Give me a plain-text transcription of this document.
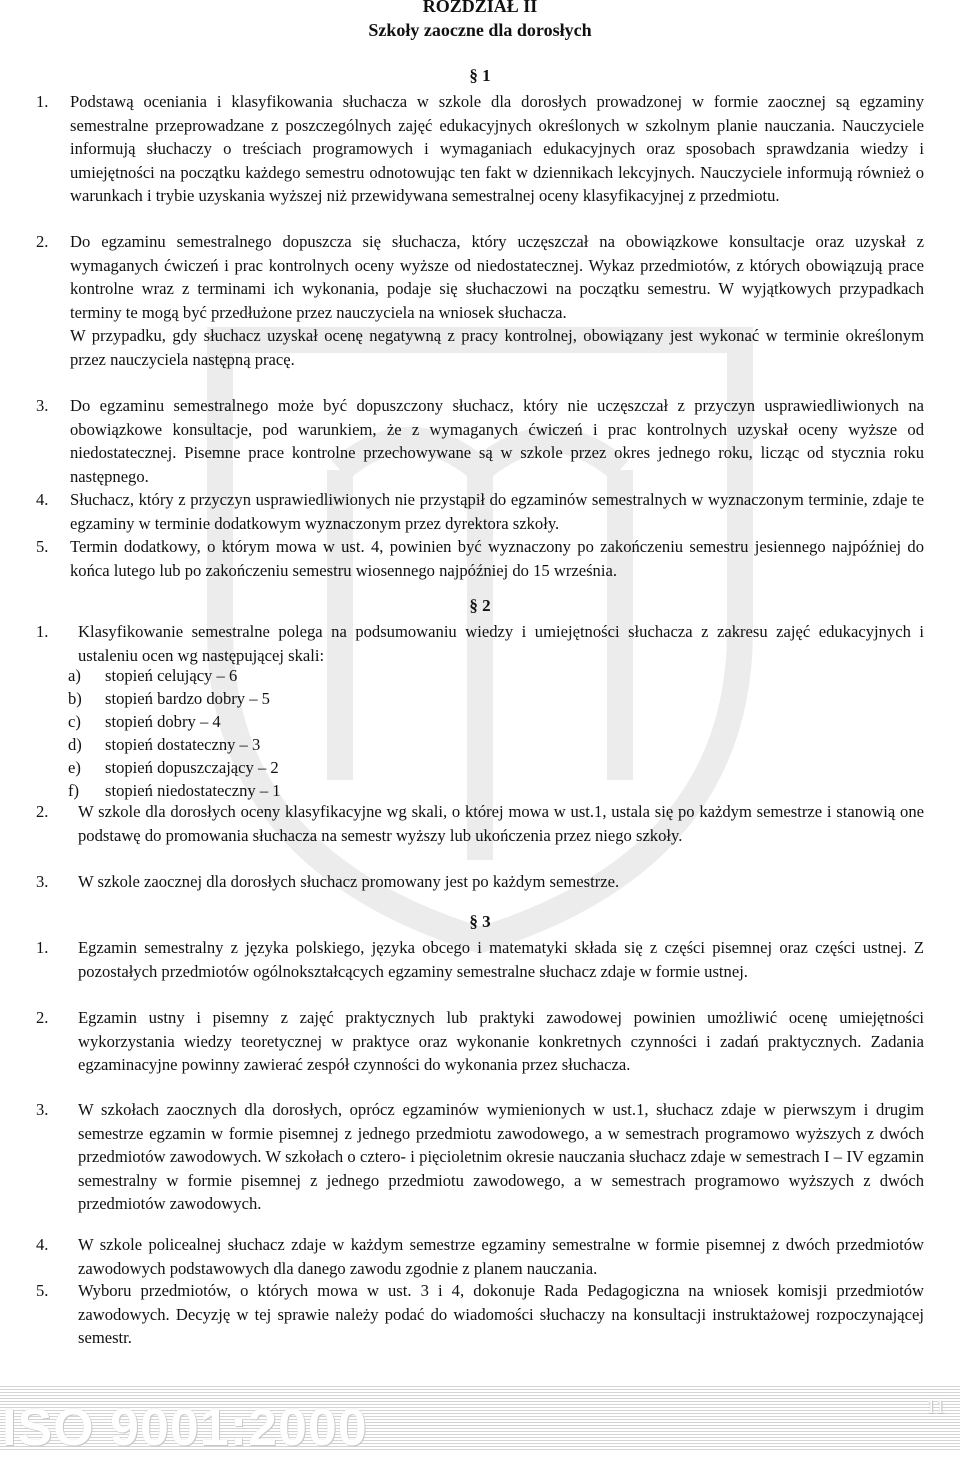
ROZDZIAŁ II
Szkoły zaoczne dla dorosłych
§ 1
1. Podstawą oceniania i klasyfikowania słuchacza w szkole dla dorosłych prowadzonej w formie zaocznej są egzaminy semestralne przeprowadzane z poszczególnych zajęć edukacyjnych określonych w szkolnym planie nauczania. Nauczyciele informują słuchaczy o treściach programowych i wymaganiach edukacyjnych oraz sposobach sprawdzania wiedzy i umiejętności na początku każdego semestru odnotowując ten fakt w dziennikach lekcyjnych. Nauczyciele informują również o warunkach i trybie uzyskania wyższej niż przewidywana semestralnej oceny klasyfikacyjnej z przedmiotu.
2. Do egzaminu semestralnego dopuszcza się słuchacza, który uczęszczał na obowiązkowe konsultacje oraz uzyskał z wymaganych ćwiczeń i prac kontrolnych oceny wyższe od niedostatecznej. Wykaz przedmiotów, z których obowiązują prace kontrolne wraz z terminami ich wykonania, podaje się słuchaczowi na początku semestru. W wyjątkowych przypadkach terminy te mogą być przedłużone przez nauczyciela na wniosek słuchacza.
W przypadku, gdy słuchacz uzyskał ocenę negatywną z pracy kontrolnej, obowiązany jest wykonać w terminie określonym przez nauczyciela następną pracę.
3. Do egzaminu semestralnego może być dopuszczony słuchacz, który nie uczęszczał z przyczyn usprawiedliwionych na obowiązkowe konsultacje, pod warunkiem, że z wymaganych ćwiczeń i prac kontrolnych uzyskał oceny wyższe od niedostatecznej. Pisemne prace kontrolne przechowywane są w szkole przez okres jednego roku, licząc od stycznia roku następnego.
4. Słuchacz, który z przyczyn usprawiedliwionych nie przystąpił do egzaminów semestralnych w wyznaczonym terminie, zdaje te egzaminy w terminie dodatkowym wyznaczonym przez dyrektora szkoły.
5. Termin dodatkowy, o którym mowa w ust. 4, powinien być wyznaczony po zakończeniu semestru jesiennego najpóźniej do końca lutego lub po zakończeniu semestru wiosennego najpóźniej do 15 września.
§ 2
1. Klasyfikowanie semestralne polega na podsumowaniu wiedzy i umiejętności słuchacza z zakresu zajęć edukacyjnych i ustaleniu ocen wg następującej skali:
a) stopień celujący – 6
b) stopień bardzo dobry – 5
c) stopień dobry – 4
d) stopień dostateczny – 3
e) stopień dopuszczający – 2
f) stopień niedostateczny – 1
2. W szkole dla dorosłych oceny klasyfikacyjne wg skali, o której mowa w ust.1, ustala się po każdym semestrze i stanowią one podstawę do promowania słuchacza na semestr wyższy lub ukończenia przez niego szkoły.
3. W szkole zaocznej dla dorosłych słuchacz promowany jest po każdym semestrze.
§ 3
1. Egzamin semestralny z języka polskiego, języka obcego i matematyki składa się z części pisemnej oraz części ustnej. Z pozostałych przedmiotów ogólnokształcących egzaminy semestralne słuchacz zdaje w formie ustnej.
2. Egzamin ustny i pisemny z zajęć praktycznych lub praktyki zawodowej powinien umożliwić ocenę umiejętności wykorzystania wiedzy teoretycznej w praktyce oraz wykonanie konkretnych czynności i zadań praktycznych. Zadania egzaminacyjne powinny zawierać zespół czynności do wykonania przez słuchacza.
3. W szkołach zaocznych dla dorosłych, oprócz egzaminów wymienionych w ust.1, słuchacz zdaje w pierwszym i drugim semestrze egzamin w formie pisemnej z jednego przedmiotu zawodowego, a w semestrach programowo wyższych z dwóch przedmiotów zawodowych. W szkołach o cztero- i pięcioletnim okresie nauczania słuchacz zdaje w semestrach I – IV egzamin semestralny w formie pisemnej z jednego przedmiotu zawodowego, a w semestrach programowo wyższych z dwóch przedmiotów zawodowych.
4. W szkole policealnej słuchacz zdaje w każdym semestrze egzaminy semestralne w formie pisemnej z dwóch przedmiotów zawodowych podstawowych dla danego zawodu zgodnie z planem nauczania.
5. Wyboru przedmiotów, o których mowa w ust. 3 i 4, dokonuje Rada Pedagogiczna na wniosek komisji przedmiotów zawodowych. Decyzję w tej sprawie należy podać do wiadomości słuchaczy na konsultacji instruktażowej rozpoczynającej semestr.
ISO 9001:2000	11
